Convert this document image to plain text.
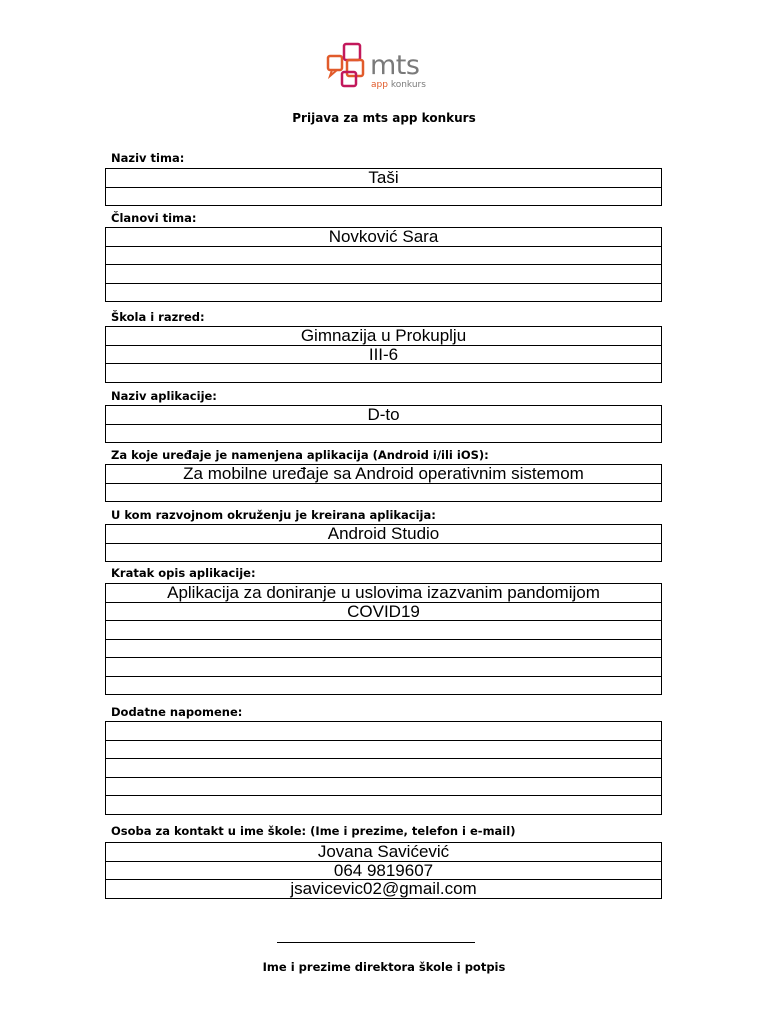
mts
app konkurs
Prijava za mts app konkurs
Naziv tima:
Taši

Članovi tima:
Novković Sara

Škola i razred:
Gimnazija u Prokuplju
III-6

Naziv aplikacije:
D-to

Za koje uređaje je namenjena aplikacija (Android i/ili iOS):
Za mobilne uređaje sa Android operativnim sistemom

U kom razvojnom okruženju je kreirana aplikacija:
Android Studio

Kratak opis aplikacije:
Aplikacija za doniranje u uslovima izazvanim pandomijom
COVID19

Dodatne napomene:

Osoba za kontakt u ime škole: (Ime i prezime, telefon i e-mail)
Jovana Savićević
064 9819607
jsavicevic02@gmail.com
Ime i prezime direktora škole i potpis
